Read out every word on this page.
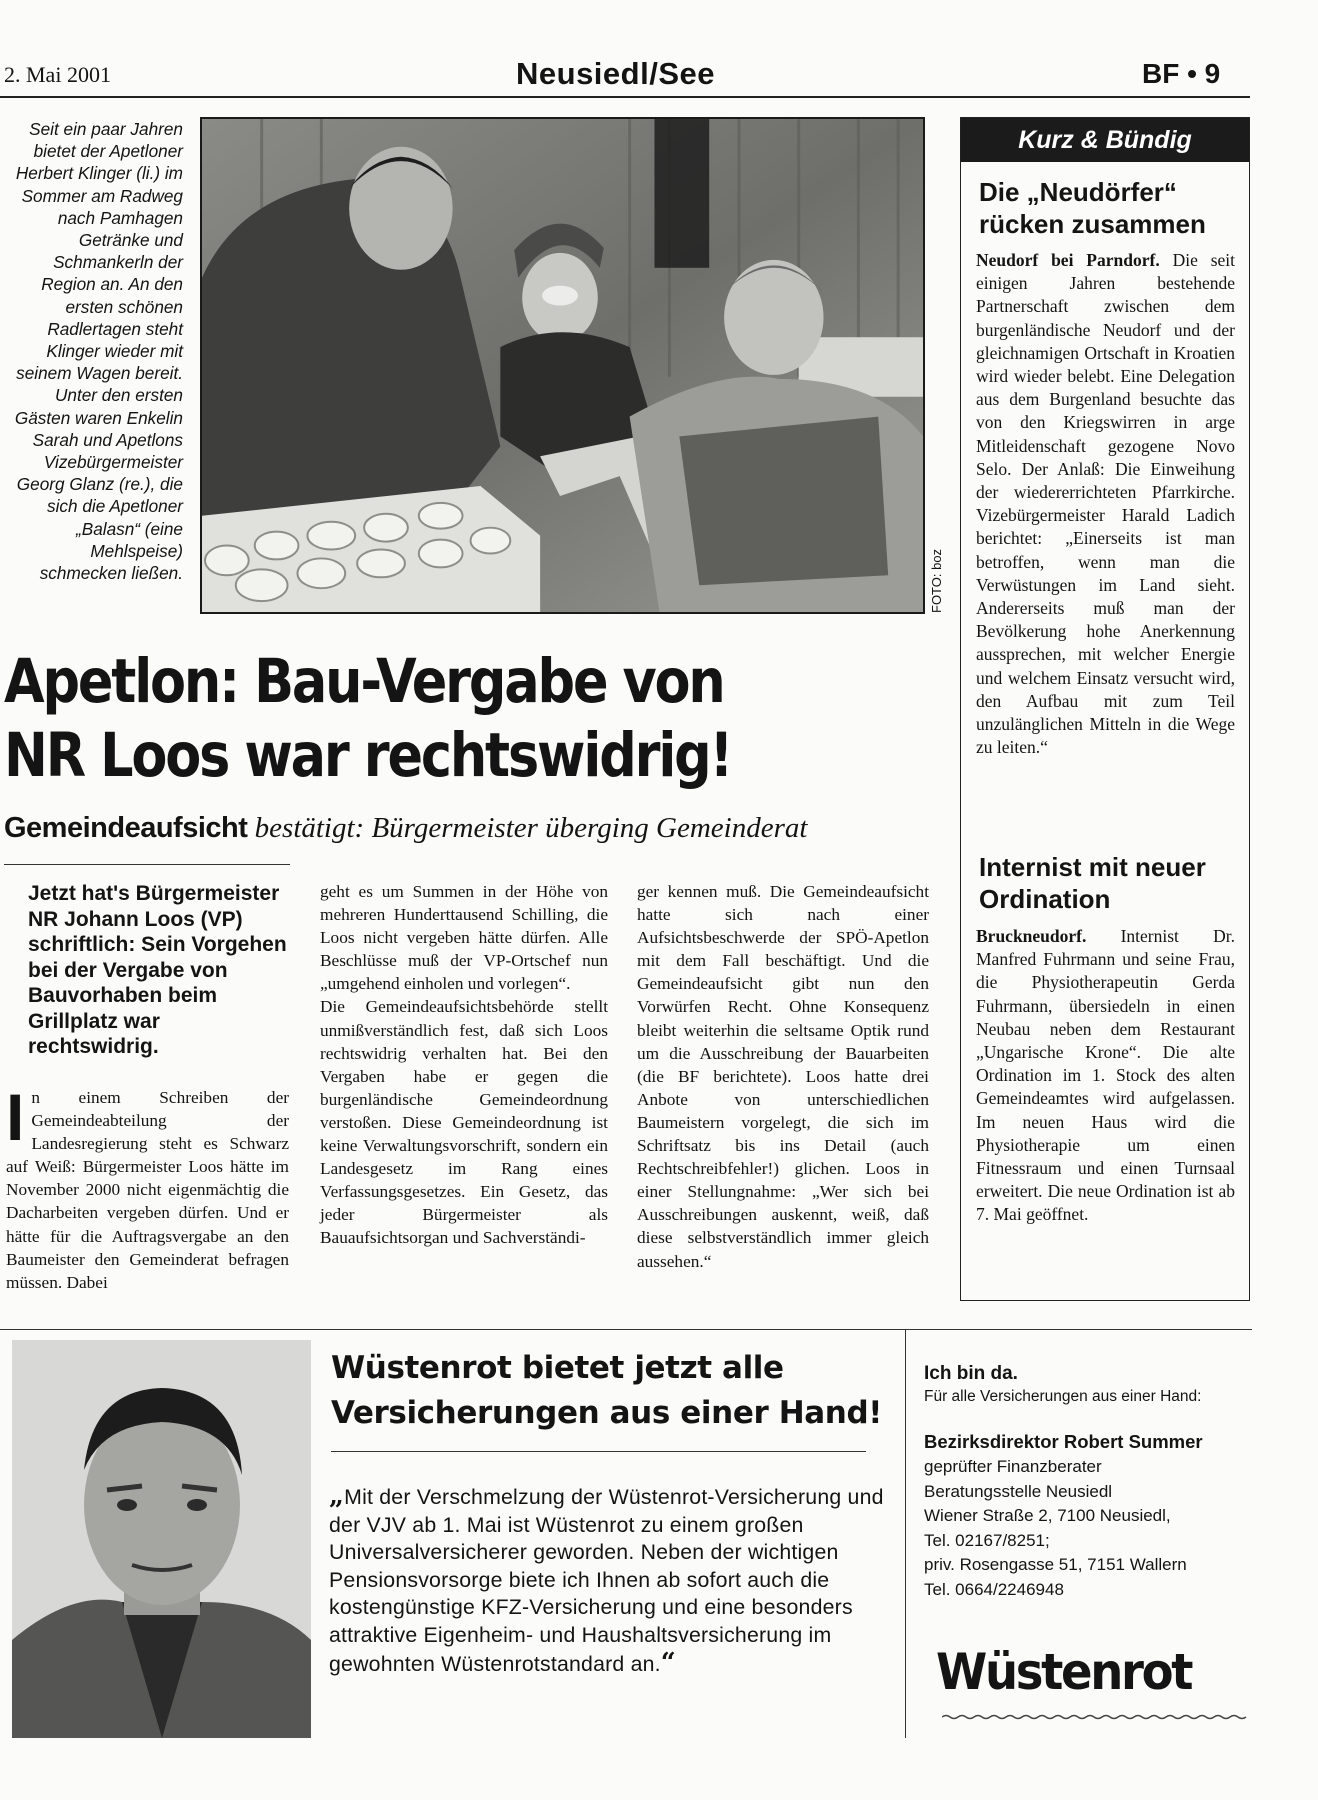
2. Mai 2001	Neusiedl/See	BF • 9
Seit ein paar Jahren bietet der Apetloner Herbert Klinger (li.) im Sommer am Radweg nach Pamhagen Getränke und Schmankerln der Region an. An den ersten schönen Radlertagen steht Klinger wieder mit seinem Wagen bereit. Unter den ersten Gästen waren Enkelin Sarah und Apetlons Vizebürgermeister Georg Glanz (re.), die sich die Apetloner „Balasn“ (eine Mehlspeise) schmecken ließen.	FOTO: boz
Apetlon: Bau-Vergabe von
NR Loos war rechtswidrig!
Gemeindeaufsicht bestätigt: Bürgermeister überging Gemeinderat
Jetzt hat's Bürgermeister NR Johann Loos (VP) schriftlich: Sein Vorgehen bei der Vergabe von Bauvorhaben beim Grillplatz war rechtswidrig.
In einem Schreiben der Gemeindeabteilung der Landesregierung steht es Schwarz auf Weiß: Bürgermeister Loos hätte im November 2000 nicht eigenmächtig die Dacharbeiten vergeben dürfen. Und er hätte für die Auftragsvergabe an den Baumeister den Gemeinderat befragen müssen. Dabei
geht es um Summen in der Höhe von mehreren Hunderttausend Schilling, die Loos nicht vergeben hätte dürfen. Alle Beschlüsse muß der VP-Ortschef nun „umgehend einholen und vorlegen“.
Die Gemeindeaufsichtsbehörde stellt unmißverständlich fest, daß sich Loos rechtswidrig verhalten hat. Bei den Vergaben habe er gegen die burgenländische Gemeindeordnung verstoßen. Diese Gemeindeordnung ist keine Verwaltungsvorschrift, sondern ein Landesgesetz im Rang eines Verfassungsgesetzes. Ein Gesetz, das jeder Bürgermeister als Bauaufsichtsorgan und Sachverständi-
ger kennen muß. Die Gemeindeaufsicht hatte sich nach einer Aufsichtsbeschwerde der SPÖ-Apetlon mit dem Fall beschäftigt. Und die Gemeindeaufsicht gibt nun den Vorwürfen Recht. Ohne Konsequenz bleibt weiterhin die seltsame Optik rund um die Ausschreibung der Bauarbeiten (die BF berichtete). Loos hatte drei Anbote von unterschiedlichen Baumeistern vorgelegt, die sich im Schriftsatz bis ins Detail (auch Rechtschreibfehler!) glichen. Loos in einer Stellungnahme: „Wer sich bei Ausschreibungen auskennt, weiß, daß diese selbstverständlich immer gleich aussehen.“
Kurz & Bündig
Die „Neudörfer“ rücken zusammen
Neudorf bei Parndorf. Die seit einigen Jahren bestehende Partnerschaft zwischen dem burgenländische Neudorf und der gleichnamigen Ortschaft in Kroatien wird wieder belebt. Eine Delegation aus dem Burgenland besuchte das von den Kriegswirren in arge Mitleidenschaft gezogene Novo Selo. Der Anlaß: Die Einweihung der wiedererrichteten Pfarrkirche. Vizebürgermeister Harald Ladich berichtet: „Einerseits ist man betroffen, wenn man die Verwüstungen im Land sieht. Andererseits muß man der Bevölkerung hohe Anerkennung aussprechen, mit welcher Energie und welchem Einsatz versucht wird, den Aufbau mit zum Teil unzulänglichen Mitteln in die Wege zu leiten.“
Internist mit neuer Ordination
Bruckneudorf. Internist Dr. Manfred Fuhrmann und seine Frau, die Physiotherapeutin Gerda Fuhrmann, übersiedeln in einen Neubau neben dem Restaurant „Ungarische Krone“. Die alte Ordination im 1. Stock des alten Gemeindeamtes wird aufgelassen. Im neuen Haus wird die Physiotherapie um einen Fitnessraum und einen Turnsaal erweitert. Die neue Ordination ist ab 7. Mai geöffnet.
Wüstenrot bietet jetzt alle
Versicherungen aus einer Hand!
„Mit der Verschmelzung der Wüstenrot-Versicherung und der VJV ab 1. Mai ist Wüstenrot zu einem großen Universalversicherer geworden. Neben der wichtigen Pensionsvorsorge biete ich Ihnen ab sofort auch die kostengünstige KFZ-Versicherung und eine besonders attraktive Eigenheim- und Haushaltsversicherung im gewohnten Wüstenrotstandard an.“
Ich bin da.
Für alle Versicherungen aus einer Hand:
Bezirksdirektor Robert Summer
geprüfter Finanzberater
Beratungsstelle Neusiedl
Wiener Straße 2, 7100 Neusiedl,
Tel. 02167/8251;
priv. Rosengasse 51, 7151 Wallern
Tel. 0664/2246948
Wüstenrot
